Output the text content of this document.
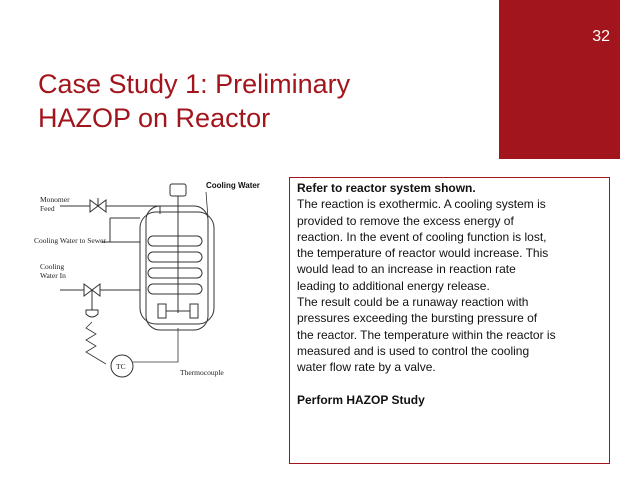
32
Case Study 1: Preliminary
HAZOP on Reactor
Cooling Water
Monomer
Feed
Cooling Water to Sewer
Cooling
Water In
TC
Thermocouple

Refer to reactor system shown.

The reaction is exothermic. A cooling system is

provided to remove the excess energy of

reaction. In the event of cooling function is lost,

the temperature of reactor would increase. This

would lead to an increase in reaction rate

leading to additional energy release.

The result could be a runaway reaction with

pressures exceeding the bursting pressure of

the reactor. The temperature within the reactor is

measured and is used to control the cooling

water flow rate by a valve.

Perform HAZOP Study
